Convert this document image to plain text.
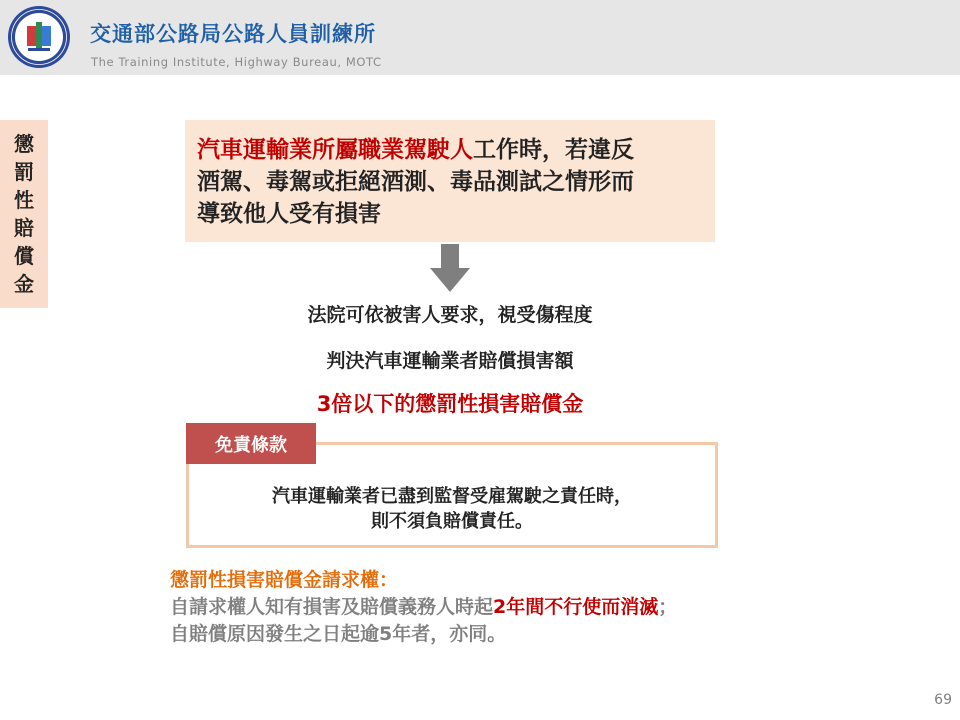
交通部公路局公路人員訓練所
The Training Institute, Highway Bureau, MOTC
懲
罰
性
賠
償
金

汽車運輸業所屬職業駕駛人工作時，若違反
酒駕、毒駕或拒絕酒測、毒品測試之情形而
導致他人受有損害

法院可依被害人要求，視受傷程度
判決汽車運輸業者賠償損害額
3倍以下的懲罰性損害賠償金
免責條款
汽車運輸業者已盡到監督受雇駕駛之責任時，
則不須負賠償責任。
懲罰性損害賠償金請求權：
自請求權人知有損害及賠償義務人時起2年間不行使而消滅；
自賠償原因發生之日起逾5年者，亦同。
69
